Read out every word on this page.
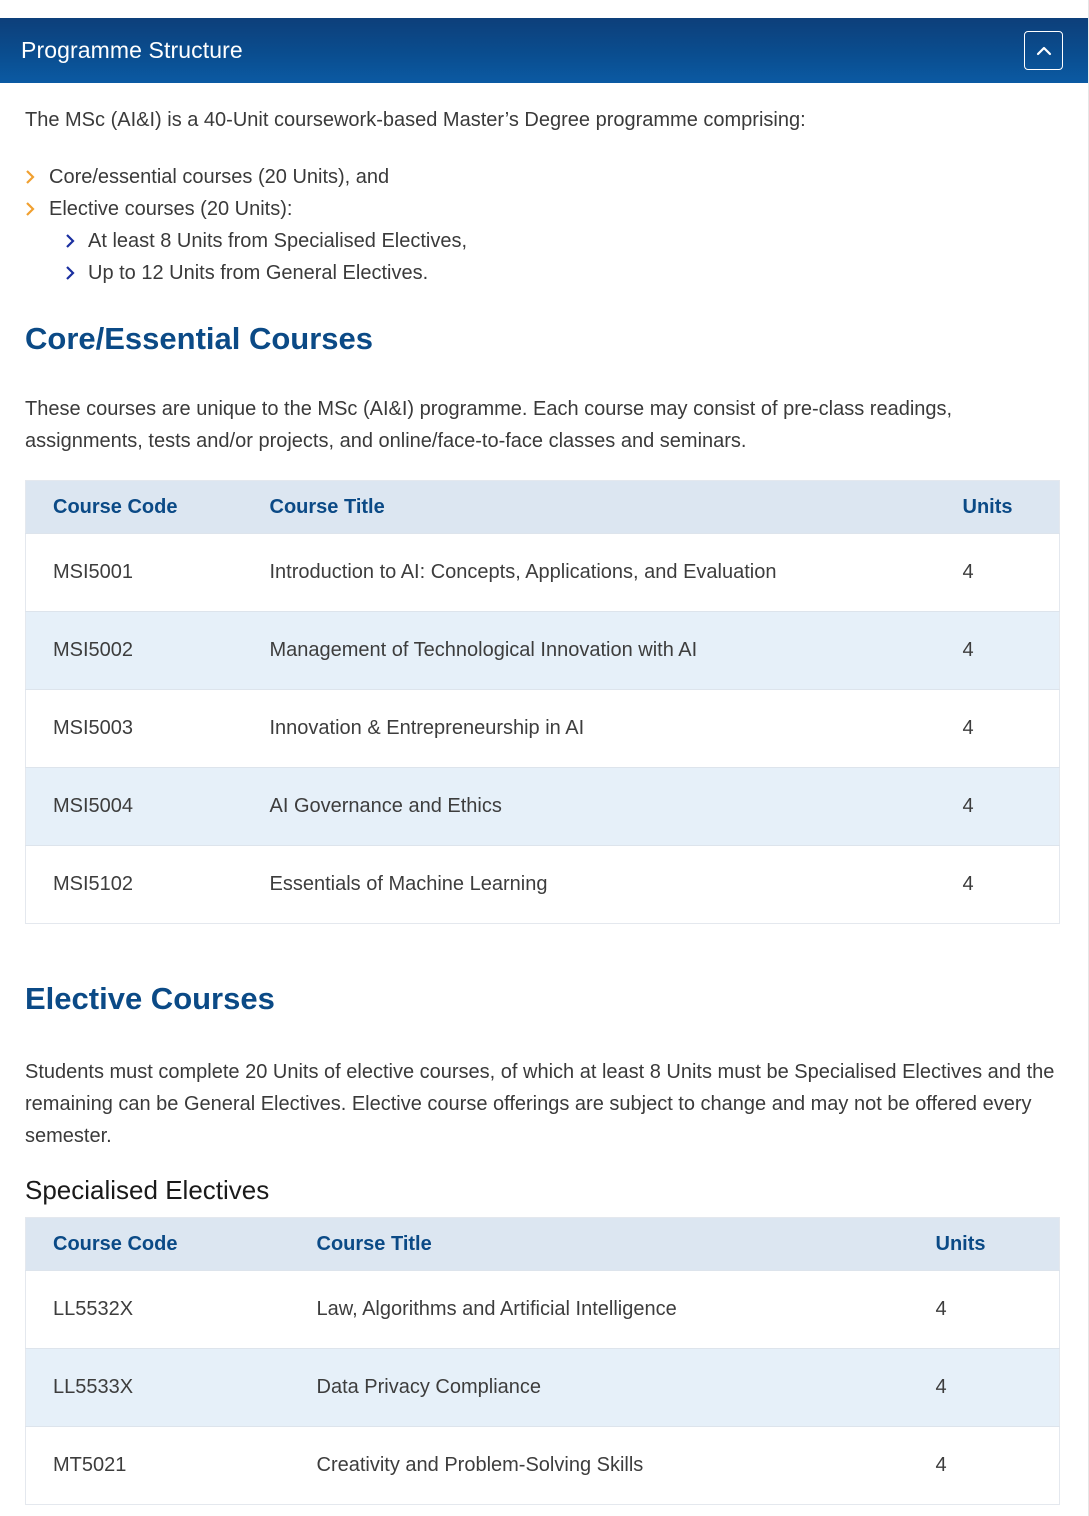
Programme Structure

The MSc (AI&I) is a 40-Unit coursework-based Master’s Degree programme comprising:

Core/essential courses (20 Units), and
Elective courses (20 Units):
At least 8 Units from Specialised Electives,
Up to 12 Units from General Electives.
Core/Essential Courses

These courses are unique to the MSc (AI&I) programme. Each course may consist of pre-class readings, assignments, tests and/or projects, and online/face-to-face classes and seminars.

Course Code	Course Title	Units
MSI5001	Introduction to AI: Concepts, Applications, and Evaluation	4
MSI5002	Management of Technological Innovation with AI	4
MSI5003	Innovation & Entrepreneurship in AI	4
MSI5004	AI Governance and Ethics	4
MSI5102	Essentials of Machine Learning	4
Elective Courses

Students must complete 20 Units of elective courses, of which at least 8 Units must be Specialised Electives and the remaining can be General Electives. Elective course offerings are subject to change and may not be offered every semester.

Specialised Electives
Course Code	Course Title	Units
LL5532X	Law, Algorithms and Artificial Intelligence	4
LL5533X	Data Privacy Compliance	4
MT5021	Creativity and Problem-Solving Skills	4
